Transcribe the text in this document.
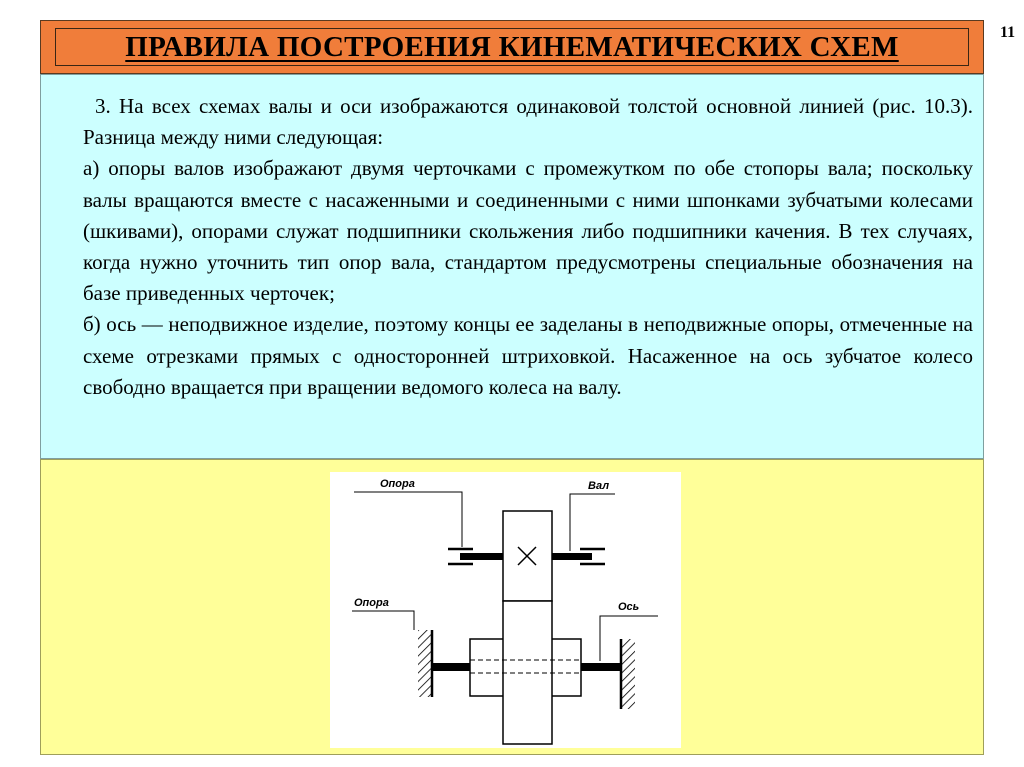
11
ПРАВИЛА ПОСТРОЕНИЯ КИНЕМАТИЧЕСКИХ СХЕМ

3. На всех схемах валы и оси изображаются одинаковой толстой основной линией (рис. 10.3). Разница между ними следующая:

а) опоры валов изображают двумя черточками с промежутком по обе стопоры вала; поскольку валы вращаются вместе с насаженными и соединенными с ними шпонками зубчатыми колесами (шкивами), опорами служат подшипники скольжения либо подшипники качения. В тех случаях, когда нужно уточнить тип опор вала, стандартом предусмотрены специальные обозначения на базе приведенных черточек;

б) ось — неподвижное изделие, поэтому концы ее заделаны в неподвижные опоры, отмеченные на схеме отрезками прямых с односторонней штриховкой. Насаженное на ось зубчатое колесо свободно вращается при вращении ведомого колеса на валу.

Опора	Вал
Опора	Ось
